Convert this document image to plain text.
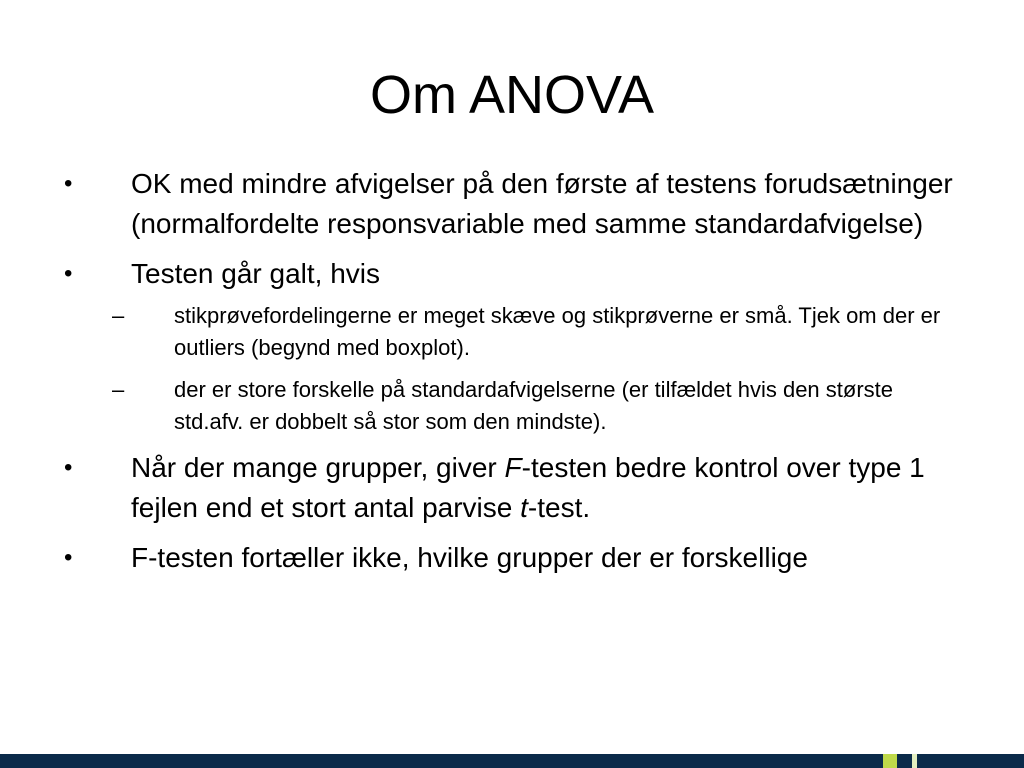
Om ANOVA
•	OK med mindre afvigelser på den første af testens forudsætninger (normalfordelte responsvariable med samme standardafvigelse)
•	Testen går galt, hvis
–	stikprøvefordelingerne er meget skæve og stikprøverne er små. Tjek om der er outliers (begynd med boxplot).
–	der er store forskelle på standardafvigelserne (er tilfældet hvis den største std.afv. er dobbelt så stor som den mindste).
•	Når der mange grupper, giver F-testen bedre kontrol over type 1 fejlen end et stort antal parvise t-test.
•	F-testen fortæller ikke, hvilke grupper der er forskellige
